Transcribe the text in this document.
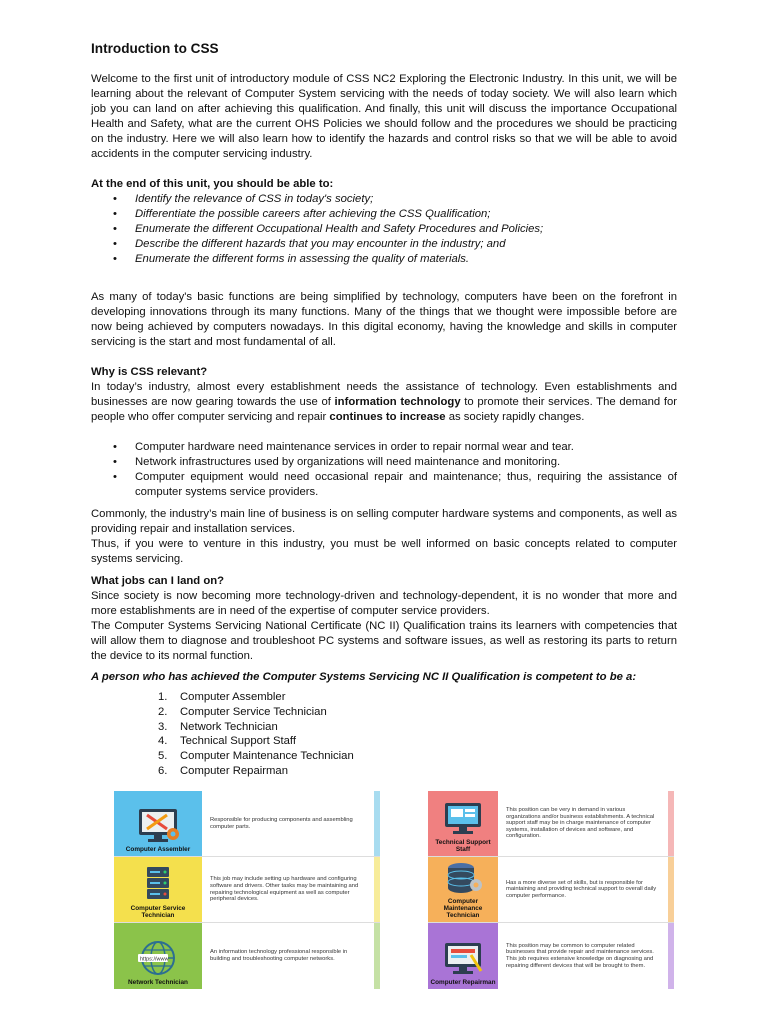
Introduction to CSS

Welcome to the first unit of introductory module of CSS NC2 Exploring the Electronic Industry. In this unit, we will be learning about the relevant of Computer System servicing with the needs of today society. We will also learn which job you can land on after achieving this qualification. And finally, this unit will discuss the importance Occupational Health and Safety, what are the current OHS Policies we should follow and the procedures we should be practicing on the industry. Here we will also learn how to identify the hazards and control risks so that we will be able to avoid accidents in the computer servicing industry.

At the end of this unit, you should be able to:

• Identify the relevance of CSS in today's society;
• Differentiate the possible careers after achieving the CSS Qualification;
• Enumerate the different Occupational Health and Safety Procedures and Policies;
• Describe the different hazards that you may encounter in the industry; and
• Enumerate the different forms in assessing the quality of materials.

As many of today's basic functions are being simplified by technology, computers have been on the forefront in developing innovations through its many functions. Many of the things that we thought were impossible before are now being achieved by computers nowadays. In this digital economy, having the knowledge and skills in computer servicing is the start and most fundamental of all.

Why is CSS relevant?

In today’s industry, almost every establishment needs the assistance of technology. Even establishments and businesses are now gearing towards the use of information technology to promote their services. The demand for people who offer computer servicing and repair continues to increase as society rapidly changes.

• Computer hardware need maintenance services in order to repair normal wear and tear.
• Network infrastructures used by organizations will need maintenance and monitoring.
• Computer equipment would need occasional repair and maintenance; thus, requiring the assistance of computer systems service providers.

Commonly, the industry’s main line of business is on selling computer hardware systems and components, as well as providing repair and installation services.

Thus, if you were to venture in this industry, you must be well informed on basic concepts related to computer systems servicing.

What jobs can I land on?

Since society is now becoming more technology-driven and technology-dependent, it is no wonder that more and more establishments are in need of the expertise of computer service providers.

The Computer Systems Servicing National Certificate (NC II) Qualification trains its learners with competencies that will allow them to diagnose and troubleshoot PC systems and software issues, as well as restoring its parts to return the device to its normal function.

A person who has achieved the Computer Systems Servicing NC II Qualification is competent to be a:

1. Computer Assembler
2. Computer Service Technician
3. Network Technician
4. Technical Support Staff
5. Computer Maintenance Technician
6. Computer Repairman
Computer Assembler
Responsible for producing components and assembling computer parts.
Computer Service Technician
This job may include setting up hardware and configuring software and drivers. Other tasks may be maintaining and repairing technological equipment as well as computer peripheral devices.
https://www
Network Technician
An information technology professional responsible in building and troubleshooting computer networks.
Technical Support Staff
This position can be very in demand in various organizations and/or business establishments. A technical support staff may be in charge maintenance of computer systems, installation of devices and software, and configuration.
Computer Maintenance Technician
Has a more diverse set of skills, but is responsible for maintaining and providing technical support to overall daily computer performance.
Computer Repairman
This position may be common to computer related businesses that provide repair and maintenance services. This job requires extensive knowledge on diagnosing and repairing different devices that will be brought to them.
